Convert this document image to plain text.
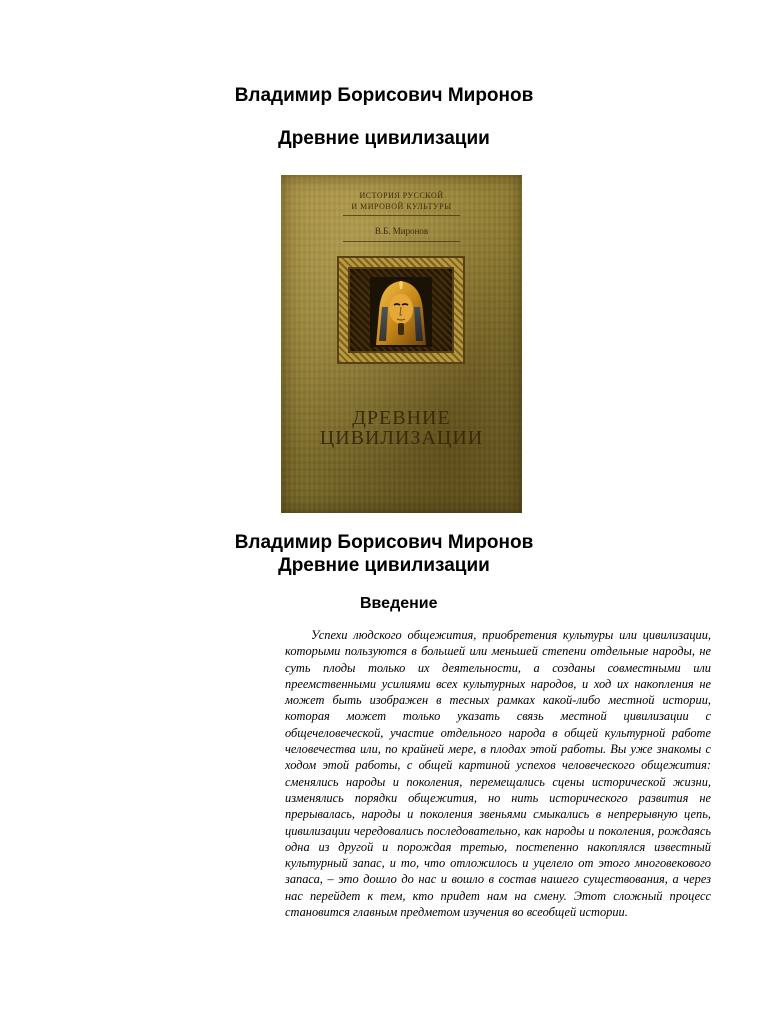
Владимир Борисович Миронов
Древние цивилизации
ИСТОРИЯ РУССКОЙ
И МИРОВОЙ КУЛЬТУРЫ
В.Б. Миронов
ДРЕВНИЕ
ЦИВИЛИЗАЦИИ
Владимир Борисович Миронов
Древние цивилизации
Введение

Успехи людского общежития, приобретения культуры или цивилизации, которыми пользуются в большей или меньшей степени отдельные народы, не суть плоды только их деятельности, а созданы совместными или преемственными усилиями всех культурных народов, и ход их накопления не может быть изображен в тесных рамках какой-либо местной истории, которая может только указать связь местной цивилизации с общечеловеческой, участие отдельного народа в общей культурной работе человечества или, по крайней мере, в плодах этой работы. Вы уже знакомы с ходом этой работы, с общей картиной успехов человеческого общежития: сменялись народы и поколения, перемещались сцены исторической жизни, изменялись порядки общежития, но нить исторического развития не прерывалась, народы и поколения звеньями смыкались в непрерывную цепь, цивилизации чередовались последовательно, как народы и поколения, рождаясь одна из другой и порождая третью, постепенно накоплялся известный культурный запас, и то, что отложилось и уцелело от этого многовекового запаса, – это дошло до нас и вошло в состав нашего существования, а через нас перейдет к тем, кто придет нам на смену. Этот сложный процесс становится главным предметом изучения во всеобщей истории.
